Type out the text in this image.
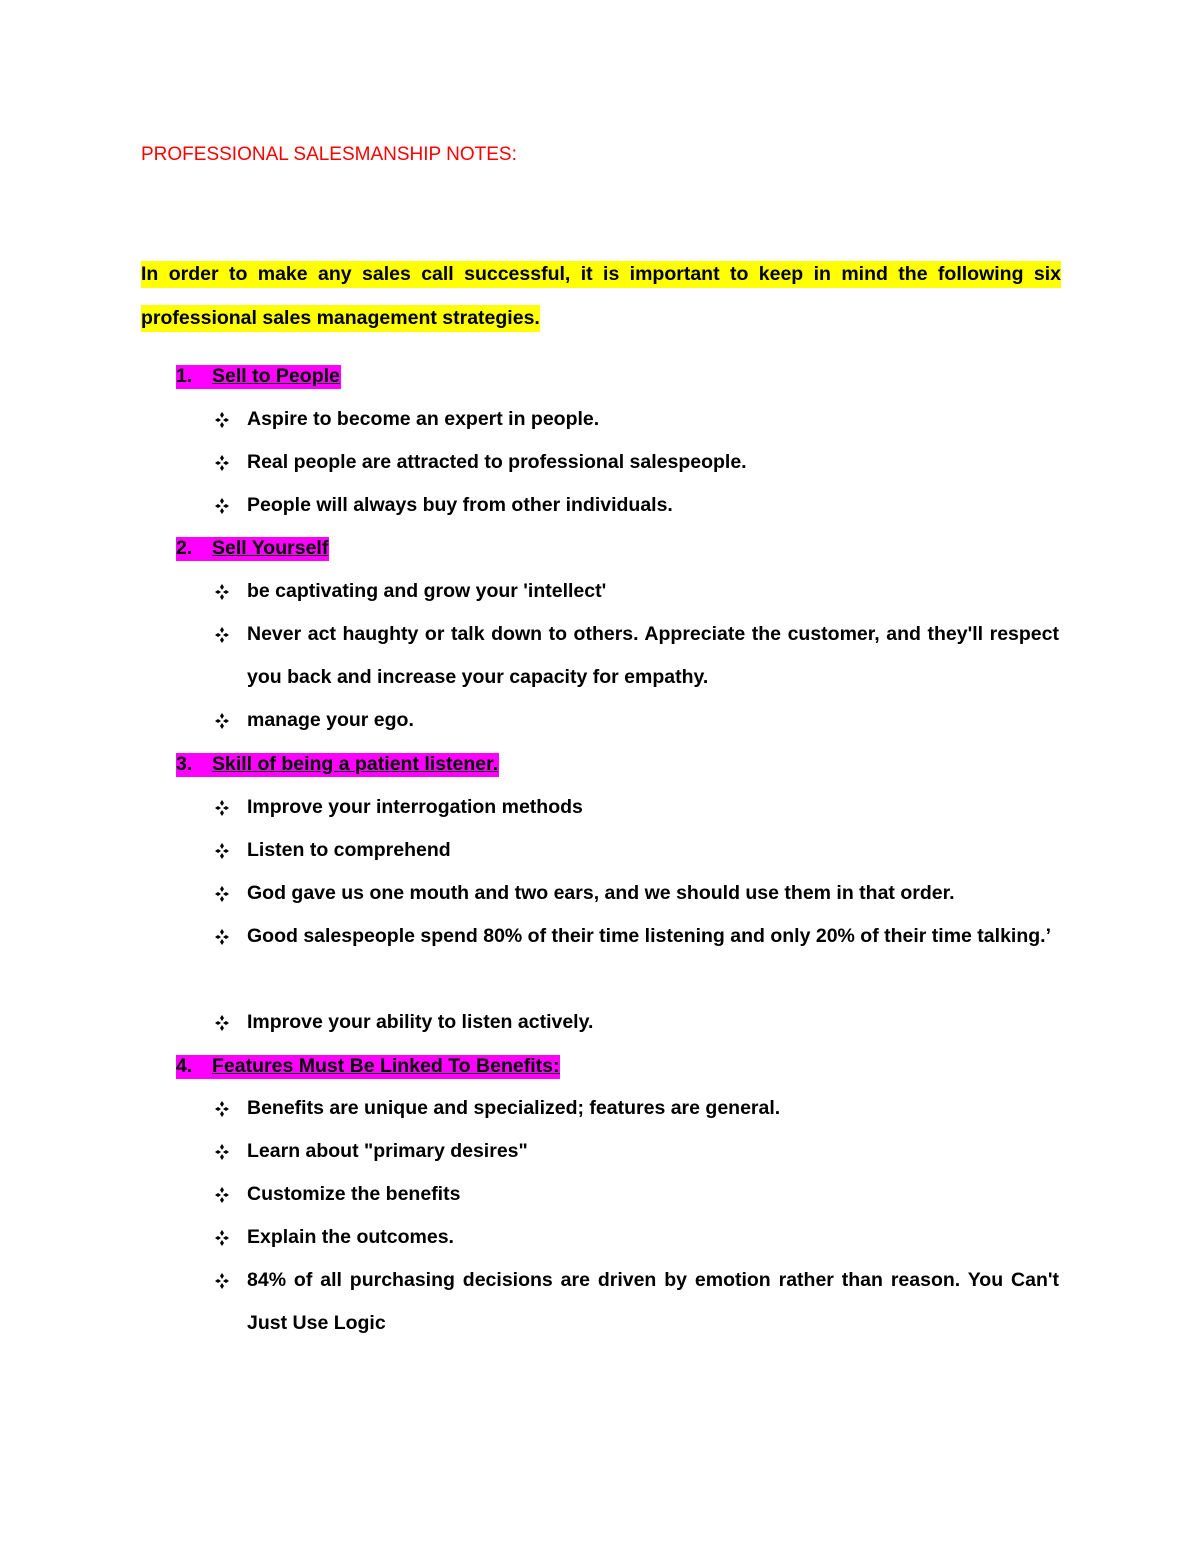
PROFESSIONAL SALESMANSHIP NOTES:
In order to make any sales call successful, it is important to keep in mind the following six professional sales management strategies.
1. Sell to People
Aspire to become an expert in people.
Real people are attracted to professional salespeople.
People will always buy from other individuals.
2. Sell Yourself
be captivating and grow your 'intellect'
Never act haughty or talk down to others. Appreciate the customer, and they'll respect you back and increase your capacity for empathy.
manage your ego.
3. Skill of being a patient listener.
Improve your interrogation methods
Listen to comprehend
God gave us one mouth and two ears, and we should use them in that order.
Good salespeople spend 80% of their time listening and only 20% of their time talking.’
Improve your ability to listen actively.
4. Features Must Be Linked To Benefits:
Benefits are unique and specialized; features are general.
Learn about "primary desires"
Customize the benefits
Explain the outcomes.
84% of all purchasing decisions are driven by emotion rather than reason. You Can't Just Use Logic
